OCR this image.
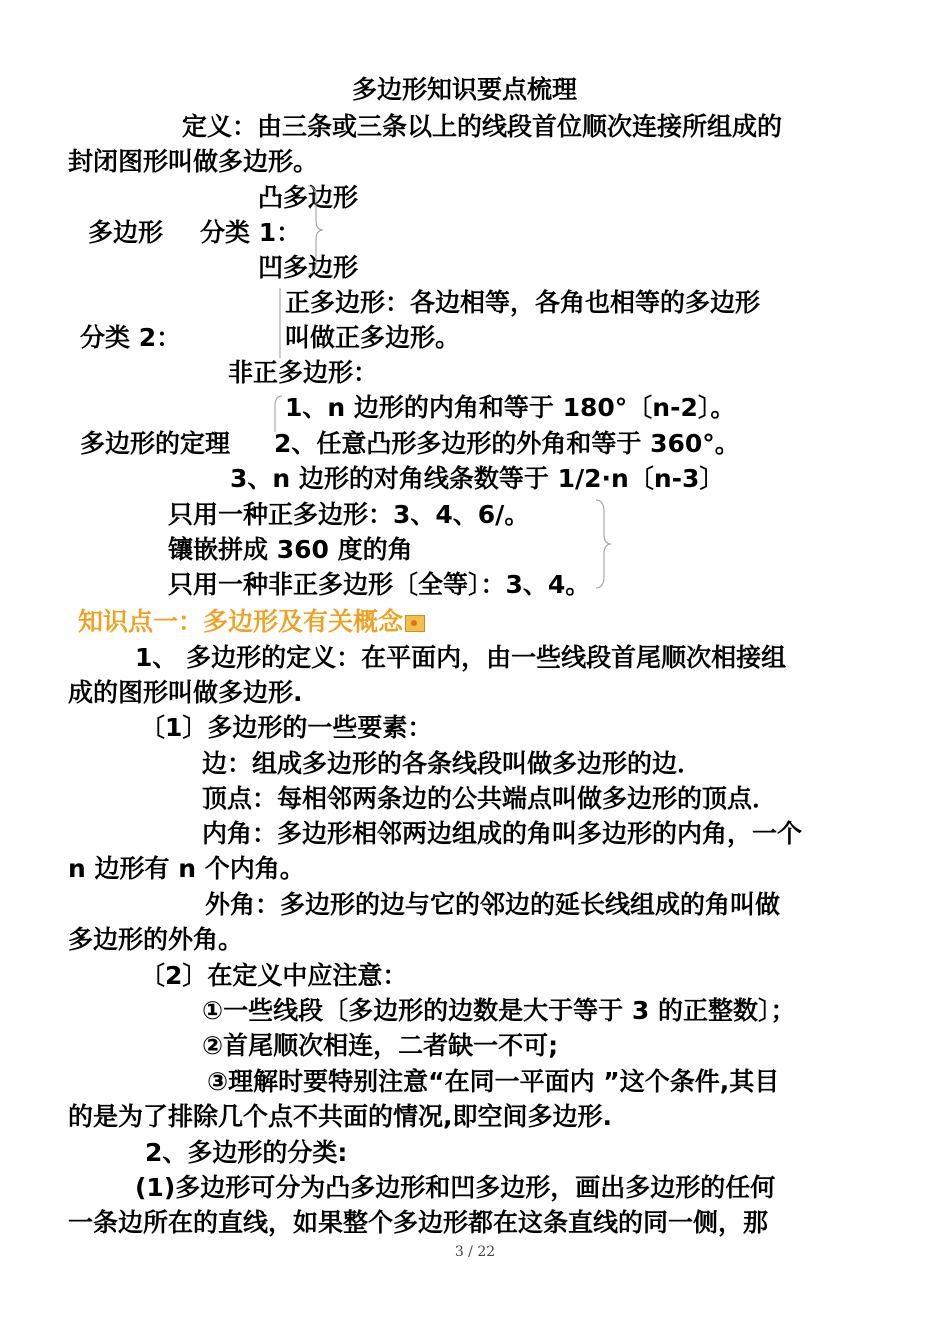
多边形知识要点梳理
定义：由三条或三条以上的线段首位顺次连接所组成的
封闭图形叫做多边形。
凸多边形
多边形 分类 1：
凹多边形
正多边形：各边相等，各角也相等的多边形
分类 2：	叫做正多边形。
非正多边形：
1、n 边形的内角和等于 180°〔n-2〕。
多边形的定理 2、任意凸形多边形的外角和等于 360°。
3、n 边形的对角线条数等于 1/2·n〔n-3〕
只用一种正多边形：3、4、6/。
镶嵌拼成 360 度的角
只用一种非正多边形〔全等〕：3、4。
知识点一：多边形及有关概念
1、 多边形的定义：在平面内，由一些线段首尾顺次相接组
成的图形叫做多边形.
〔1〕多边形的一些要素：
边：组成多边形的各条线段叫做多边形的边．
顶点：每相邻两条边的公共端点叫做多边形的顶点．
内角：多边形相邻两边组成的角叫多边形的内角，一个
n 边形有 n 个内角。
外角：多边形的边与它的邻边的延长线组成的角叫做
多边形的外角。
〔2〕在定义中应注意：
①一些线段〔多边形的边数是大于等于 3 的正整数〕；
②首尾顺次相连，二者缺一不可;
③理解时要特别注意“在同一平面内 ”这个条件,其目
的是为了排除几个点不共面的情况,即空间多边形.
2、多边形的分类:
(1)多边形可分为凸多边形和凹多边形，画出多边形的任何
一条边所在的直线，如果整个多边形都在这条直线的同一侧，那
3 / 22
